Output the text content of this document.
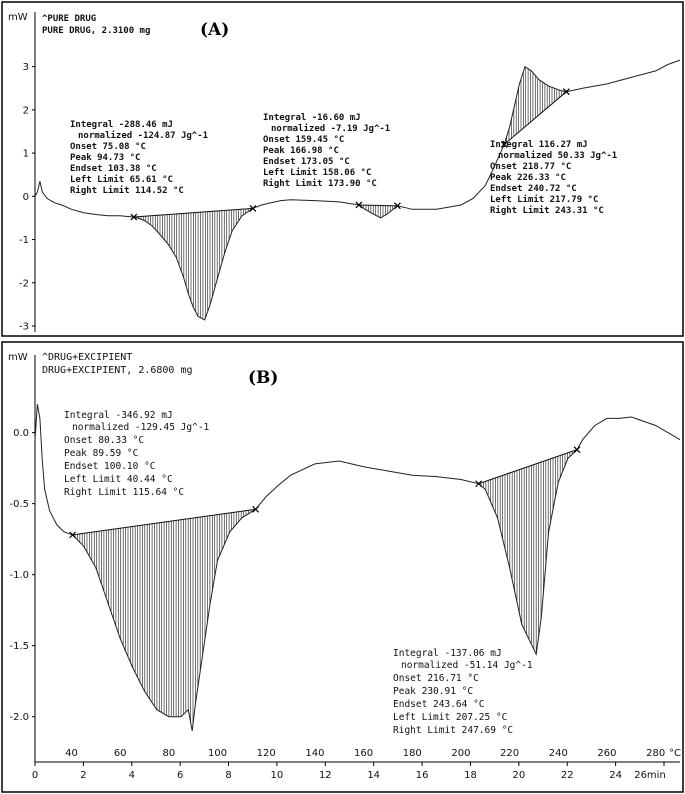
mW ^PURE DRUG
PURE DRUG, 2.3100 mg	(A)
3
2
1
0
-1
-2
-3
Integral -288.46 mJ
normalized -124.87 Jg^-1
Onset 75.08 °C
Peak 94.73 °C
Endset 103.38 °C
Left Limit 65.61 °C
Right Limit 114.52 °C
Integral -16.60 mJ
normalized -7.19 Jg^-1
Onset 159.45 °C
Peak 166.98 °C
Endset 173.05 °C
Left Limit 158.06 °C
Right Limit 173.90 °C
Integral 116.27 mJ
normalized 50.33 Jg^-1
Onset 218.77 °C
Peak 226.33 °C
Endset 240.72 °C
Left Limit 217.79 °C
Right Limit 243.31 °C
mW ^DRUG+EXCIPIENT
DRUG+EXCIPIENT, 2.6800 mg	(B)
0.0
-0.5
-1.0
-1.5
-2.0
40	60	80	100	120	140	160	180	200	220	240	260	280 °C
0	2	4	6	8	10	12	14	16	18	20	22	24 26min
Integral -346.92 mJ
normalized -129.45 Jg^-1
Onset 80.33 °C
Peak 89.59 °C
Endset 100.10 °C
Left Limit 40.44 °C
Right Limit 115.64 °C
Integral -137.06 mJ
normalized -51.14 Jg^-1
Onset 216.71 °C
Peak 230.91 °C
Endset 243.64 °C
Left Limit 207.25 °C
Right Limit 247.69 °C
